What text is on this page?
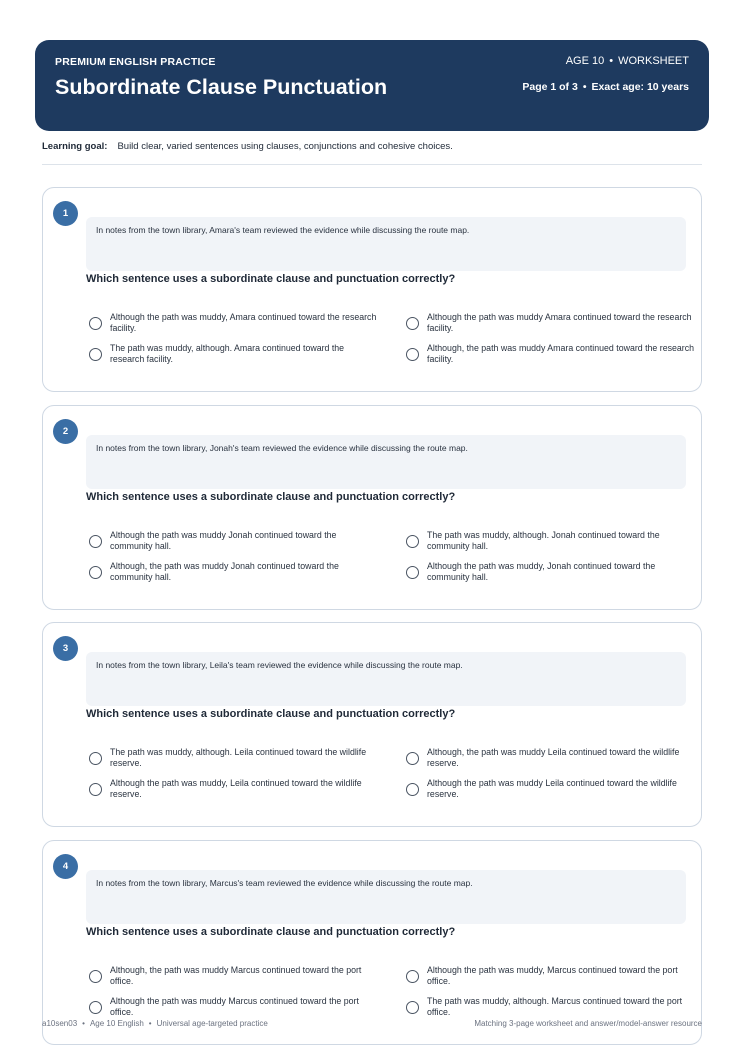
PREMIUM ENGLISH PRACTICE
Subordinate Clause Punctuation
AGE 10 • WORKSHEET
Page 1 of 3 • Exact age: 10 years
Learning goal: Build clear, varied sentences using clauses, conjunctions and cohesive choices.
1
In notes from the town library, Amara's team reviewed the evidence while discussing the route map.
Which sentence uses a subordinate clause and punctuation correctly?
Although the path was muddy, Amara continued toward the research facility.
Although the path was muddy Amara continued toward the research facility.
The path was muddy, although. Amara continued toward the research facility.
Although, the path was muddy Amara continued toward the research facility.
2
In notes from the town library, Jonah's team reviewed the evidence while discussing the route map.
Which sentence uses a subordinate clause and punctuation correctly?
Although the path was muddy Jonah continued toward the community hall.
The path was muddy, although. Jonah continued toward the community hall.
Although, the path was muddy Jonah continued toward the community hall.
Although the path was muddy, Jonah continued toward the community hall.
3
In notes from the town library, Leila's team reviewed the evidence while discussing the route map.
Which sentence uses a subordinate clause and punctuation correctly?
The path was muddy, although. Leila continued toward the wildlife reserve.
Although, the path was muddy Leila continued toward the wildlife reserve.
Although the path was muddy, Leila continued toward the wildlife reserve.
Although the path was muddy Leila continued toward the wildlife reserve.
4
In notes from the town library, Marcus's team reviewed the evidence while discussing the route map.
Which sentence uses a subordinate clause and punctuation correctly?
Although, the path was muddy Marcus continued toward the port office.
Although the path was muddy, Marcus continued toward the port office.
Although the path was muddy Marcus continued toward the port office.
The path was muddy, although. Marcus continued toward the port office.
a10sen03 • Age 10 English • Universal age-targeted practice	Matching 3-page worksheet and answer/model-answer resource
